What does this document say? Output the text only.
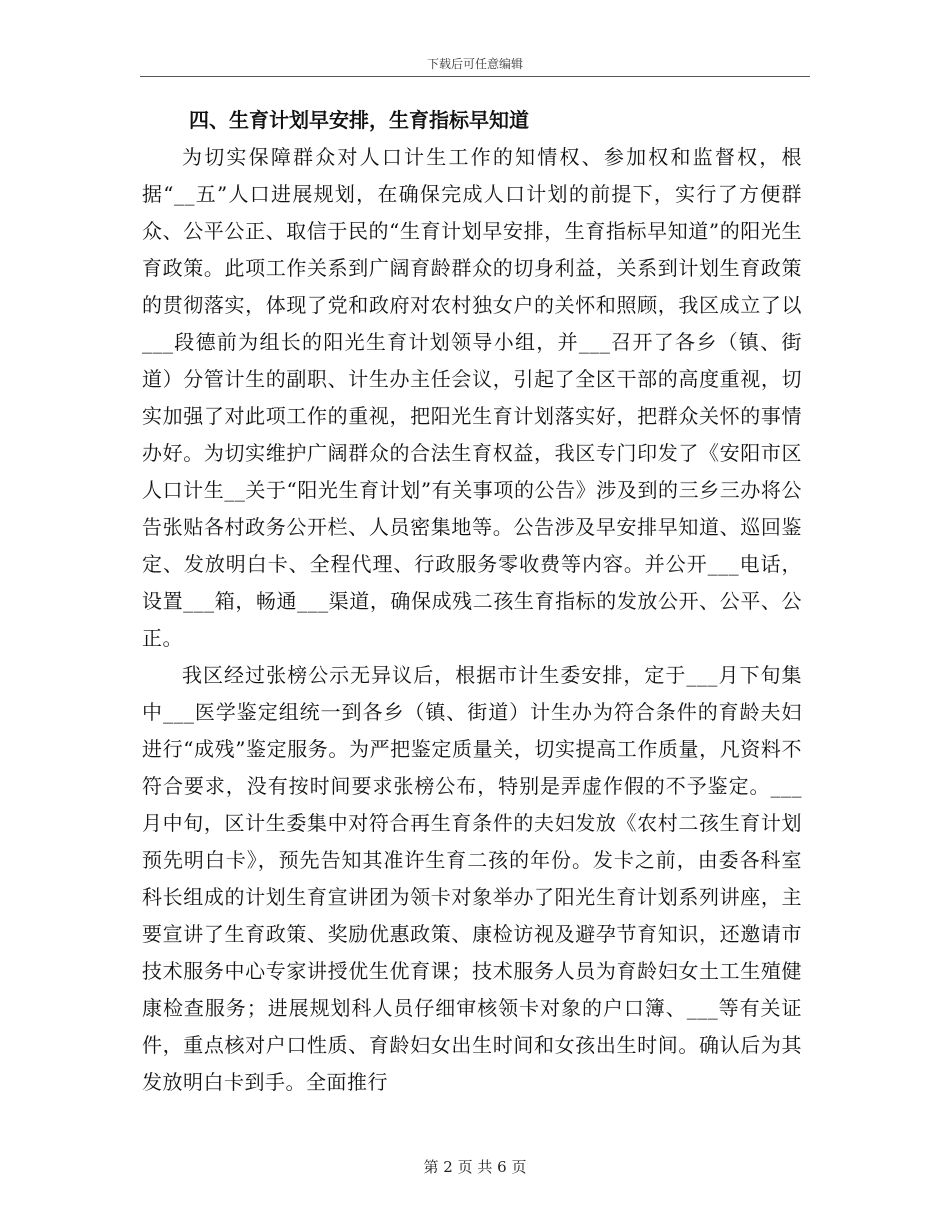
下载后可任意编辑
四、生育计划早安排，生育指标早知道

为切实保障群众对人口计生工作的知情权、参加权和监督权，根据“__五”人口进展规划，在确保完成人口计划的前提下，实行了方便群众、公平公正、取信于民的“生育计划早安排，生育指标早知道”的阳光生育政策。此项工作关系到广阔育龄群众的切身利益，关系到计划生育政策的贯彻落实，体现了党和政府对农村独女户的关怀和照顾，我区成立了以___段德前为组长的阳光生育计划领导小组，并___召开了各乡（镇、街道）分管计生的副职、计生办主任会议，引起了全区干部的高度重视，切实加强了对此项工作的重视，把阳光生育计划落实好，把群众关怀的事情办好。为切实维护广阔群众的合法生育权益，我区专门印发了《安阳市区人口计生__关于“阳光生育计划”有关事项的公告》涉及到的三乡三办将公告张贴各村政务公开栏、人员密集地等。公告涉及早安排早知道、巡回鉴定、发放明白卡、全程代理、行政服务零收费等内容。并公开___电话，设置___箱，畅通___渠道，确保成残二孩生育指标的发放公开、公平、公正。

我区经过张榜公示无异议后，根据市计生委安排，定于___月下旬集中___医学鉴定组统一到各乡（镇、街道）计生办为符合条件的育龄夫妇进行“成残”鉴定服务。为严把鉴定质量关，切实提高工作质量，凡资料不符合要求，没有按时间要求张榜公布，特别是弄虚作假的不予鉴定。___月中旬，区计生委集中对符合再生育条件的夫妇发放《农村二孩生育计划预先明白卡》，预先告知其准许生育二孩的年份。发卡之前，由委各科室科长组成的计划生育宣讲团为领卡对象举办了阳光生育计划系列讲座，主要宣讲了生育政策、奖励优惠政策、康检访视及避孕节育知识，还邀请市技术服务中心专家讲授优生优育课；技术服务人员为育龄妇女土工生殖健康检查服务；进展规划科人员仔细审核领卡对象的户口簿、___等有关证件，重点核对户口性质、育龄妇女出生时间和女孩出生时间。确认后为其发放明白卡到手。全面推行

第 2 页 共 6 页
